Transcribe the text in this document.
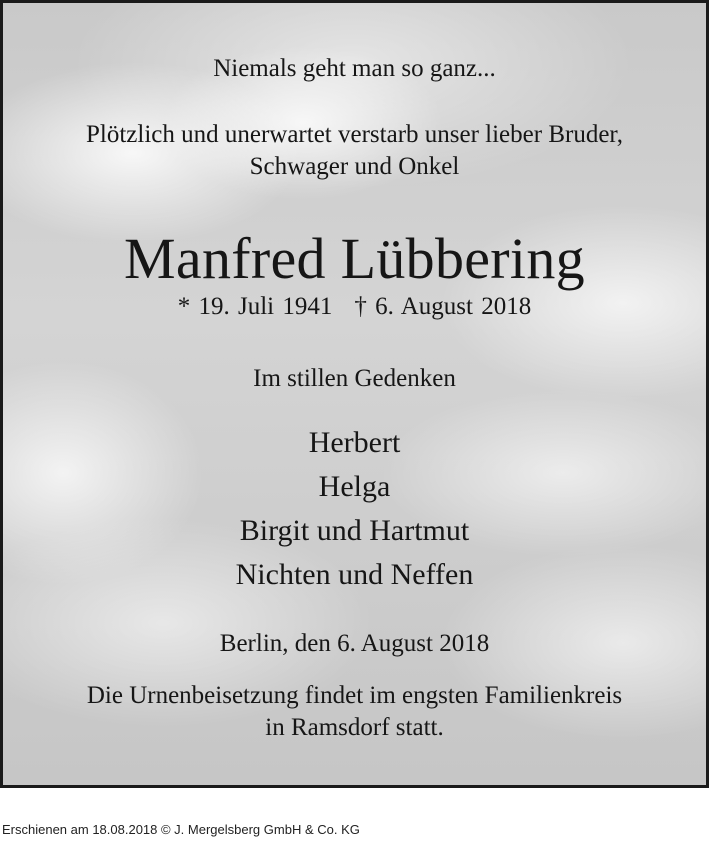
Niemals geht man so ganz...
Plötzlich und unerwartet verstarb unser lieber Bruder,
Schwager und Onkel
Manfred Lübbering
* 19. Juli 1941 † 6. August 2018
Im stillen Gedenken
Herbert
Helga
Birgit und Hartmut
Nichten und Neffen
Berlin, den 6. August 2018
Die Urnenbeisetzung findet im engsten Familienkreis
in Ramsdorf statt.
Erschienen am 18.08.2018 © J. Mergelsberg GmbH & Co. KG
